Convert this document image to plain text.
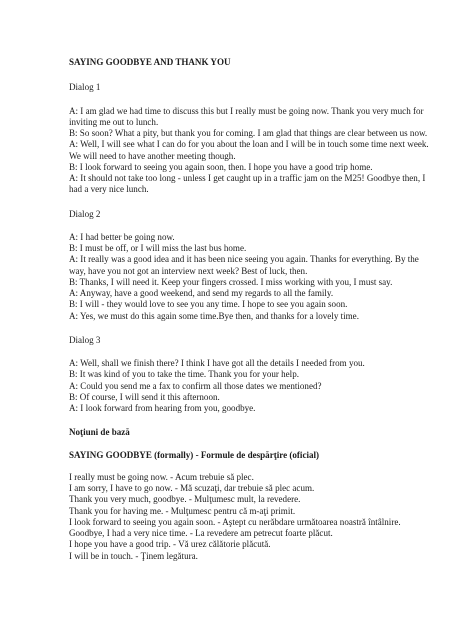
SAYING GOODBYE AND THANK YOU

Dialog 1

A: I am glad we had time to discuss this but I really must be going now. Thank you very much for inviting me out to lunch.

B: So soon? What a pity, but thank you for coming. I am glad that things are clear between us now.

A: Well, I will see what I can do for you about the loan and I will be in touch some time next week. We will need to have another meeting though.

B: I look forward to seeing you again soon, then. I hope you have a good trip home.

A: It should not take too long - unless I get caught up in a traffic jam on the M25! Goodbye then, I had a very nice lunch.

Dialog 2

A: I had better be going now.

B: I must be off, or I will miss the last bus home.

A: It really was a good idea and it has been nice seeing you again. Thanks for everything. By the way, have you not got an interview next week? Best of luck, then.

B: Thanks, I will need it. Keep your fingers crossed. I miss working with you, I must say.

A: Anyway, have a good weekend, and send my regards to all the family.

B: I will - they would love to see you any time. I hope to see you again soon.

A: Yes, we must do this again some time.Bye then, and thanks for a lovely time.

Dialog 3

A: Well, shall we finish there? I think I have got all the details I needed from you.

B: It was kind of you to take the time. Thank you for your help.

A: Could you send me a fax to confirm all those dates we mentioned?

B: Of course, I will send it this afternoon.

A: I look forward from hearing from you, goodbye.

Noţiuni de bază

SAYING GOODBYE (formally) - Formule de despărţire (oficial)

I really must be going now. - Acum trebuie să plec.

I am sorry, I have to go now. - Mă scuzaţi, dar trebuie să plec acum.

Thank you very much, goodbye. - Mulţumesc mult, la revedere.

Thank you for having me. - Mulţumesc pentru că m-aţi primit.

I look forward to seeing you again soon. - Aştept cu nerăbdare următoarea noastră întâlnire.

Goodbye, I had a very nice time. - La revedere am petrecut foarte plăcut.

I hope you have a good trip. - Vă urez călătorie plăcută.

I will be in touch. - Ţinem legătura.
